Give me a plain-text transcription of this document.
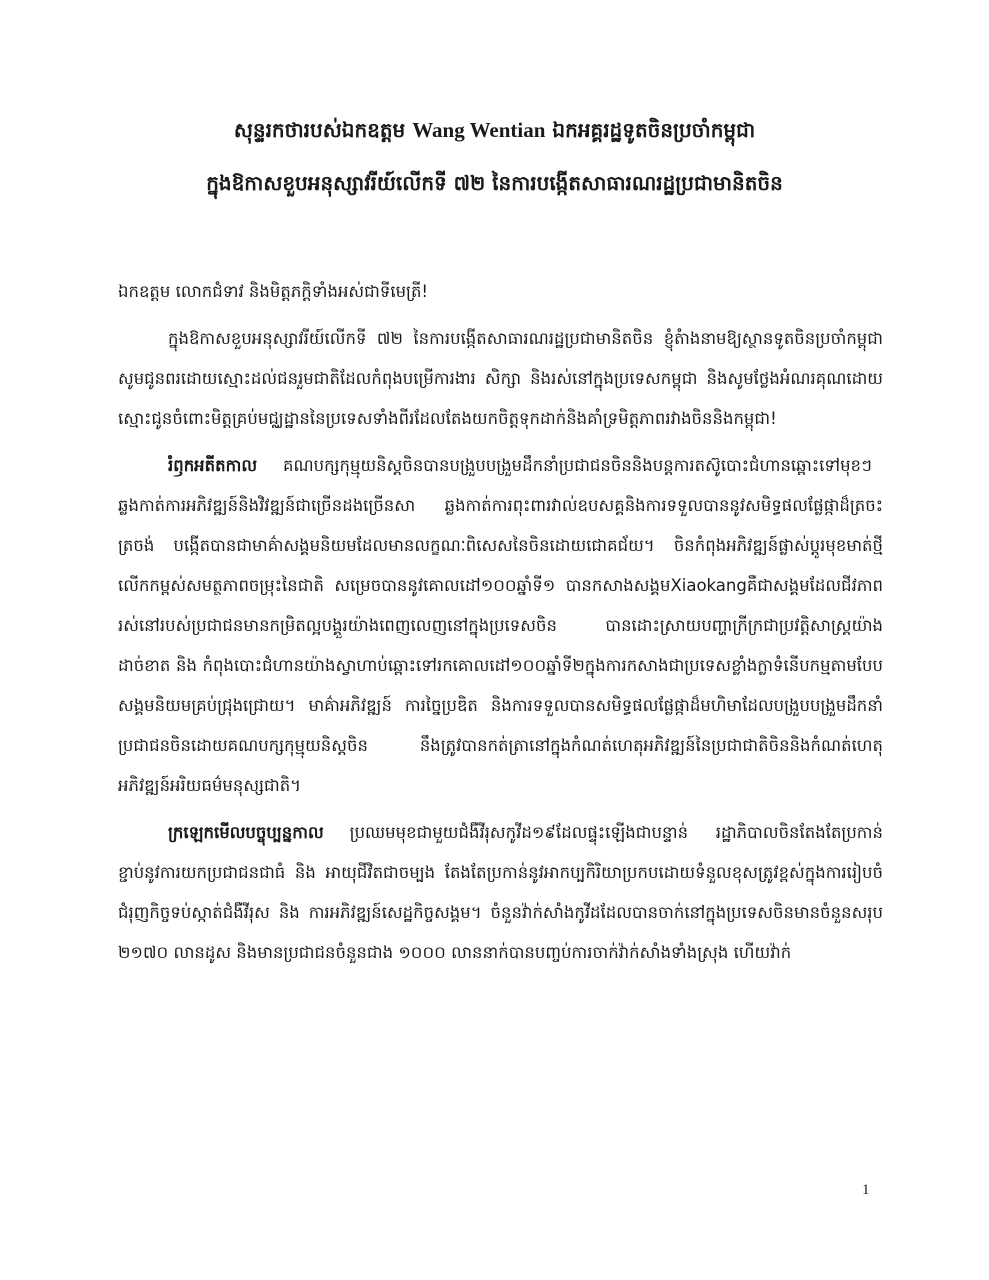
សុន្ទរកថារបស់ឯកឧត្តម Wang Wentian ឯកអគ្គរដ្ឋទូតចិនប្រចាំកម្ពុជា
ក្នុងឱកាសខួបអនុស្សាវរីយ៍លើកទី ៧២ នៃការបង្កើតសាធារណរដ្ឋប្រជាមានិតចិន

ឯកឧត្តម លោកជំទាវ និងមិត្តភក្តិទាំងអស់ជាទីមេត្រី!

ក្នុងឱកាសខួបអនុស្សាវរីយ៍លើកទី ៧២ នៃការបង្កើតសាធារណរដ្ឋប្រជាមានិតចិន ខ្ញុំតំាងនាមឱ្យស្ថានទូតចិនប្រចាំកម្ពុជាសូមជូនពរដោយស្មោះដល់ជនរួមជាតិដែលកំពុងបម្រើការងារ សិក្សា និងរស់នៅក្នុងប្រទេសកម្ពុជា និងសូមថ្លែងអំណរគុណដោយស្មោះជូនចំពោះមិត្តគ្រប់មជ្ឈដ្ឋាននៃប្រទេសទាំងពីរដែលតែងយកចិត្តទុកដាក់និងគាំទ្រមិត្តភាពរវាងចិននិងកម្ពុជា!

រំឭកអតីតកាល គណបក្សកុម្មុយនិស្តចិនបានបង្រួបបង្រួមដឹកនាំប្រជាជនចិននិងបន្តការតស៊ូបោះជំហានឆ្ពោះទៅមុខៗ ឆ្លងកាត់ការអភិវឌ្ឍន៍និងវិវឌ្ឍន៍ជាច្រើនដងច្រើនសា ឆ្លងកាត់ការពុះពារវាល់ឧបសគ្គនិងការទទួលបាននូវសមិទ្ធផលផ្លែផ្កាដ៏ត្រចះត្រចង់ បង្កើតបានជាមាគ៌ាសង្គមនិយមដែលមានលក្ខណៈពិសេសនៃចិនដោយជោគជ័យ។ ចិនកំពុងអភិវឌ្ឍន៍ផ្លាស់ប្តូរមុខមាត់ថ្មី លើកកម្ពស់សមត្ថភាពចម្រុះនៃជាតិ សម្រេចបាននូវគោលដៅ១០០ឆ្នាំទី១ បានកសាងសង្គមXiaokangគឺជាសង្គមដែលជីវភាពរស់នៅរបស់ប្រជាជនមានកម្រិតល្អបង្គួរយ៉ាងពេញលេញនៅក្នុងប្រទេសចិន បានដោះស្រាយបញ្ហាក្រីក្រជាប្រវត្តិសាស្ត្រយ៉ាងដាច់ខាត និង កំពុងបោះជំហានយ៉ាងស្វាហាប់ឆ្ពោះទៅរកគោលដៅ១០០ឆ្នាំទី២ក្នុងការកសាងជាប្រទេសខ្លាំងក្លាទំនើបកម្មតាមបែបសង្គមនិយមគ្រប់ជ្រុងជ្រោយ។ មាគ៌ាអភិវឌ្ឍន៍ ការច្នៃប្រឌិត និងការទទួលបានសមិទ្ធផលផ្លែផ្កាដ៏មហិមាដែលបង្រួបបង្រួមដឹកនាំប្រជាជនចិនដោយគណបក្សកុម្មុយនិស្តចិន នឹងត្រូវបានកត់ត្រានៅក្នុងកំណត់ហេតុអភិវឌ្ឍន៍នៃប្រជាជាតិចិននិងកំណត់ហេតុអភិវឌ្ឍន៍អរិយធម៌មនុស្សជាតិ។

ក្រឡេកមើលបច្ចុប្បន្នកាល ប្រឈមមុខជាមួយជំងឺវីរុសកូវីដ១៩ដែលផ្ទុះឡើងជាបន្ទាន់ រដ្ឋាភិបាលចិនតែងតែប្រកាន់ខ្ជាប់នូវការយកប្រជាជនជាធំ និង អាយុជីវិតជាចម្បង តែងតែប្រកាន់នូវអាកប្បកិរិយាប្រកបដោយទំនួលខុសត្រូវខ្ពស់ក្នុងការរៀបចំជំរុញកិច្ចទប់ស្កាត់ជំងឺវីរុស និង ការអភិវឌ្ឍន៍សេដ្ឋកិច្ចសង្គម។ ចំនួនវ៉ាក់សាំងកូវីដដែលបានចាក់នៅក្នុងប្រទេសចិនមានចំនួនសរុប ២១៧០ លានដូស និងមានប្រជាជនចំនួនជាង ១០០០ លាននាក់បានបញ្ចប់ការចាក់វ៉ាក់សាំងទាំងស្រុង ហើយវ៉ាក់

1
